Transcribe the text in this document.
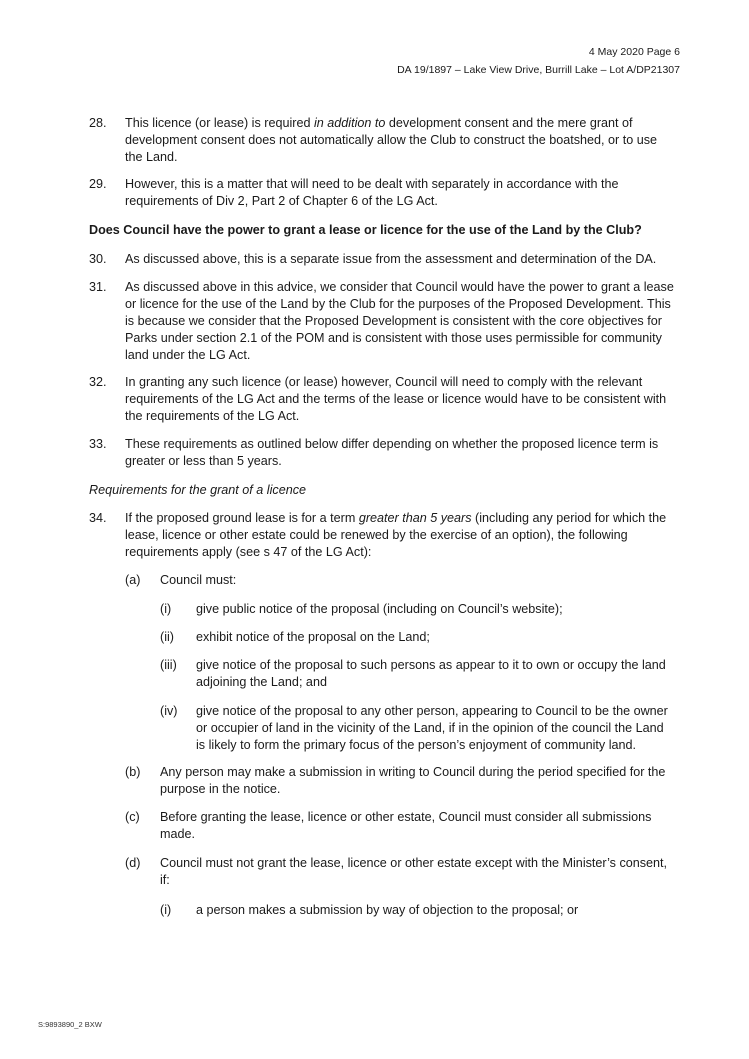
4 May 2020 Page 6
DA 19/1897 – Lake View Drive, Burrill Lake – Lot A/DP21307
28. This licence (or lease) is required in addition to development consent and the mere grant of
development consent does not automatically allow the Club to construct the boatshed, or to use
the Land.
29. However, this is a matter that will need to be dealt with separately in accordance with the
requirements of Div 2, Part 2 of Chapter 6 of the LG Act.
Does Council have the power to grant a lease or licence for the use of the Land by the Club?
30. As discussed above, this is a separate issue from the assessment and determination of the DA.
31. As discussed above in this advice, we consider that Council would have the power to grant a lease
or licence for the use of the Land by the Club for the purposes of the Proposed Development. This
is because we consider that the Proposed Development is consistent with the core objectives for
Parks under section 2.1 of the POM and is consistent with those uses permissible for community
land under the LG Act.
32. In granting any such licence (or lease) however, Council will need to comply with the relevant
requirements of the LG Act and the terms of the lease or licence would have to be consistent with
the requirements of the LG Act.
33. These requirements as outlined below differ depending on whether the proposed licence term is
greater or less than 5 years.
Requirements for the grant of a licence
34. If the proposed ground lease is for a term greater than 5 years (including any period for which the
lease, licence or other estate could be renewed by the exercise of an option), the following
requirements apply (see s 47 of the LG Act):
(a) Council must:
(i) give public notice of the proposal (including on Council’s website);
(ii) exhibit notice of the proposal on the Land;
(iii) give notice of the proposal to such persons as appear to it to own or occupy the land
adjoining the Land; and
(iv) give notice of the proposal to any other person, appearing to Council to be the owner
or occupier of land in the vicinity of the Land, if in the opinion of the council the Land
is likely to form the primary focus of the person’s enjoyment of community land.
(b) Any person may make a submission in writing to Council during the period specified for the
purpose in the notice.
(c) Before granting the lease, licence or other estate, Council must consider all submissions
made.
(d) Council must not grant the lease, licence or other estate except with the Minister’s consent,
if:
(i) a person makes a submission by way of objection to the proposal; or
S:9893890_2 BXW
